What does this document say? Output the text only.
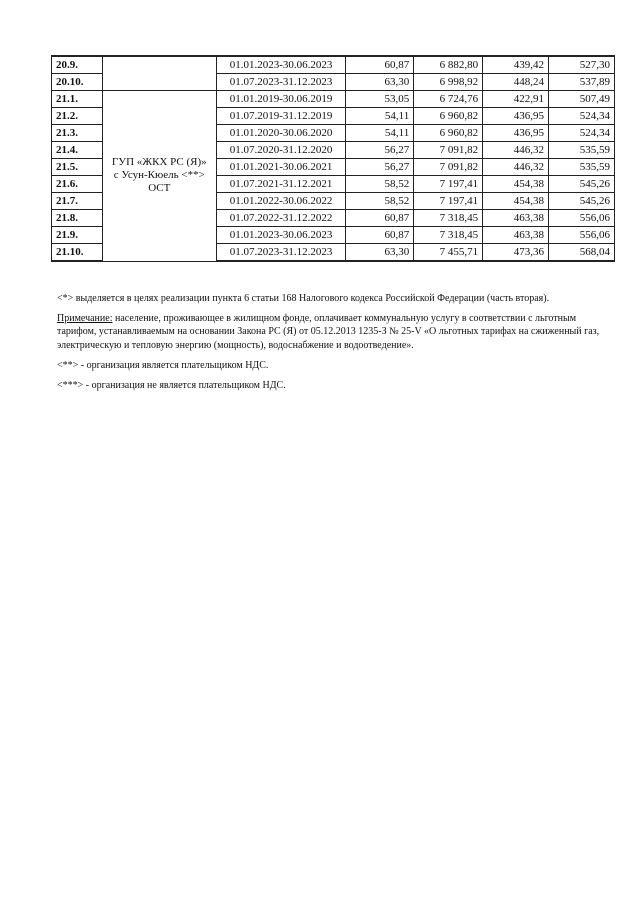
20.9.		01.01.2023-30.06.2023	60,87	6 882,80	439,42	527,30
20.10.		01.07.2023-31.12.2023	63,30	6 998,92	448,24	537,89
21.1.	ГУП «ЖКХ РС (Я)»
с Усун-Кюель <**>
ОСТ	01.01.2019-30.06.2019	53,05	6 724,76	422,91	507,49
21.2.		01.07.2019-31.12.2019	54,11	6 960,82	436,95	524,34
21.3.		01.01.2020-30.06.2020	54,11	6 960,82	436,95	524,34
21.4.		01.07.2020-31.12.2020	56,27	7 091,82	446,32	535,59
21.5.		01.01.2021-30.06.2021	56,27	7 091,82	446,32	535,59
21.6.		01.07.2021-31.12.2021	58,52	7 197,41	454,38	545,26
21.7.		01.01.2022-30.06.2022	58,52	7 197,41	454,38	545,26
21.8.		01.07.2022-31.12.2022	60,87	7 318,45	463,38	556,06
21.9.		01.01.2023-30.06.2023	60,87	7 318,45	463,38	556,06
21.10.		01.07.2023-31.12.2023	63,30	7 455,71	473,36	568,04

<*> выделяется в целях реализации пункта 6 статьи 168 Налогового кодекса Российской Федерации (часть вторая).

Примечание: население, проживающее в жилищном фонде, оплачивает коммунальную услугу в соответствии с льготным тарифом, устанавливаемым на основании Закона РС (Я) от 05.12.2013 1235-З № 25-V «О льготных тарифах на сжиженный газ, электрическую и тепловую энергию (мощность), водоснабжение и водоотведение».

<**> - организация является плательщиком НДС.

<***> - организация не является плательщиком НДС.
